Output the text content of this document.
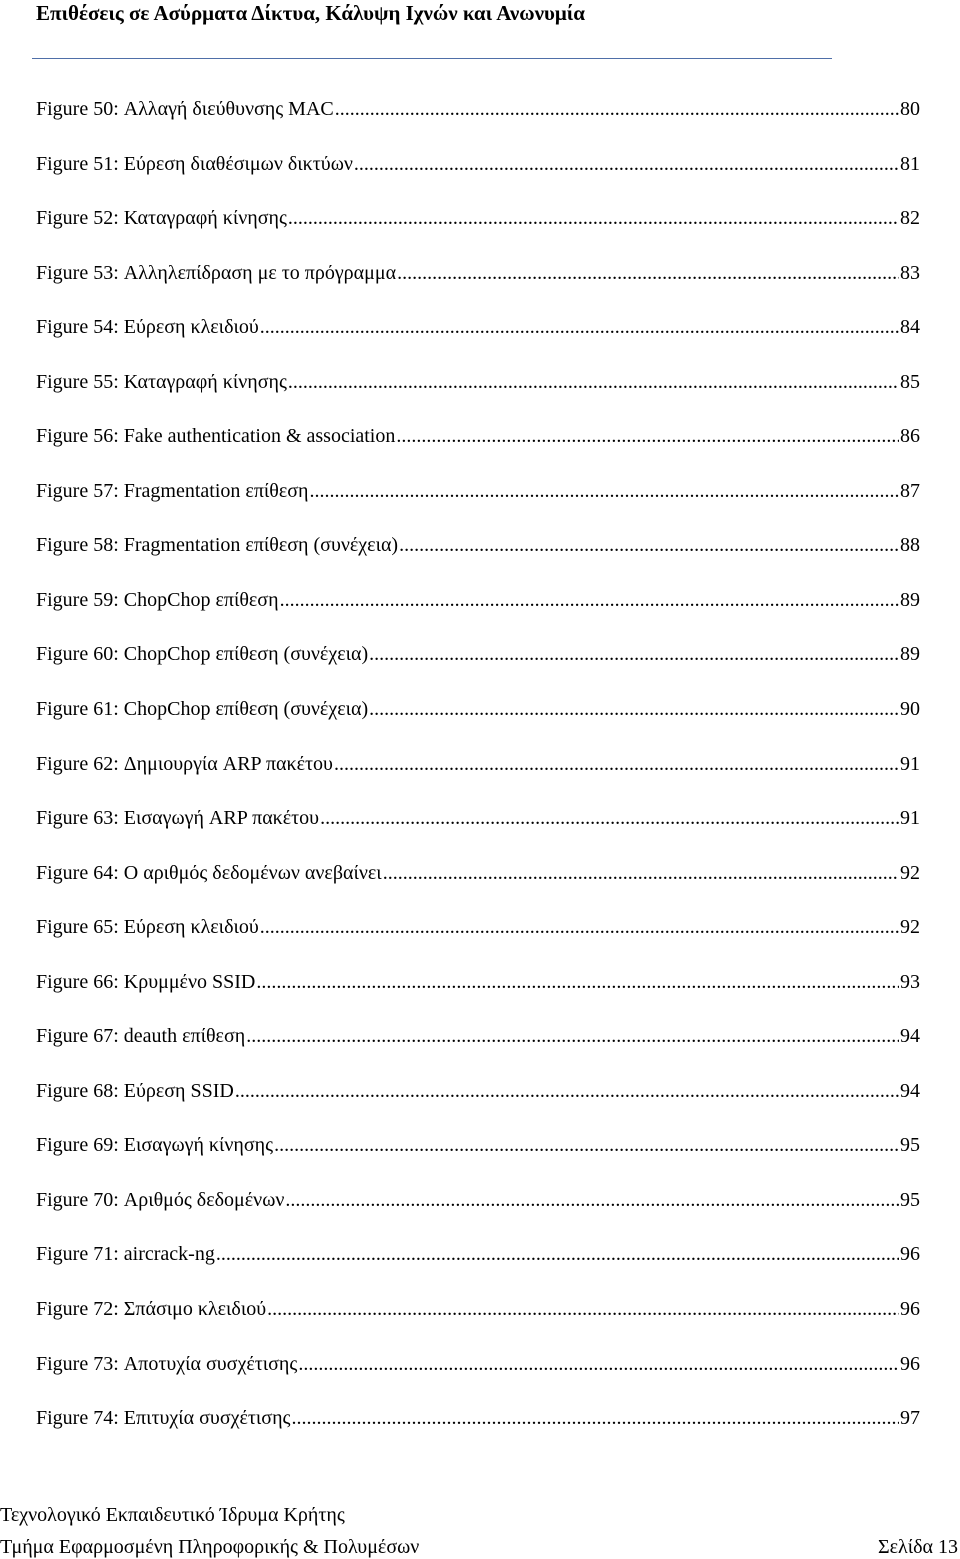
Επιθέσεις σε Ασύρματα Δίκτυα, Κάλυψη Ιχνών και Ανωνυμία
Figure 50: Αλλαγή διεύθυνσης MAC .....	80
Figure 51: Εύρεση διαθέσιμων δικτύων .....	81
Figure 52: Καταγραφή κίνησης .....	82
Figure 53: Αλληλεπίδραση με το πρόγραμμα .....	83
Figure 54: Εύρεση κλειδιού .....	84
Figure 55: Καταγραφή κίνησης .....	85
Figure 56: Fake authentication & association .....	86
Figure 57: Fragmentation επίθεση .....	87
Figure 58: Fragmentation επίθεση (συνέχεια) .....	88
Figure 59: ChopChop επίθεση .....	89
Figure 60: ChopChop επίθεση (συνέχεια) .....	89
Figure 61: ChopChop επίθεση (συνέχεια) .....	90
Figure 62: Δημιουργία ARP πακέτου .....	91
Figure 63: Εισαγωγή ARP πακέτου .....	91
Figure 64: Ο αριθμός δεδομένων ανεβαίνει .....	92
Figure 65: Εύρεση κλειδιού .....	92
Figure 66: Κρυμμένο SSID .....	93
Figure 67: deauth επίθεση .....	94
Figure 68: Εύρεση SSID .....	94
Figure 69: Εισαγωγή κίνησης .....	95
Figure 70: Αριθμός δεδομένων .....	95
Figure 71: aircrack-ng .....	96
Figure 72: Σπάσιμο κλειδιού .....	96
Figure 73: Αποτυχία συσχέτισης .....	96
Figure 74: Επιτυχία συσχέτισης .....	97
Τεχνολογικό Εκπαιδευτικό Ίδρυμα Κρήτης
Τμήμα Εφαρμοσμένη Πληροφορικής & Πολυμέσων	Σελίδα 13
